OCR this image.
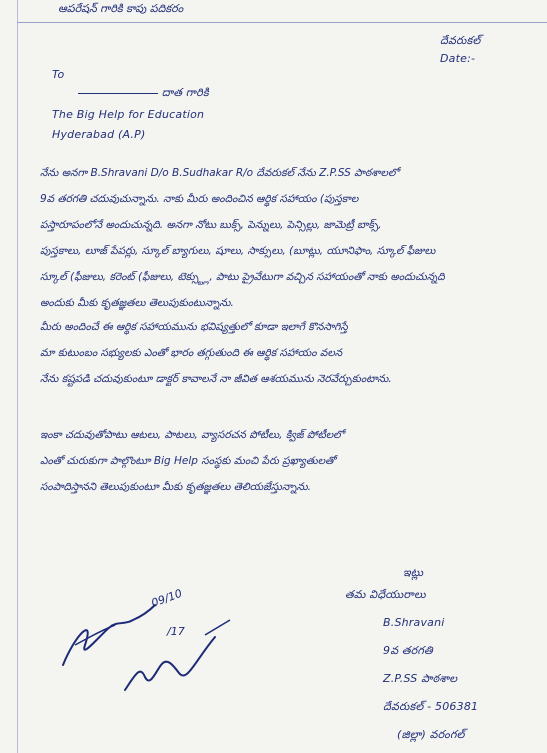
ఆపరేషన్ గారికి కాపు పదికరం
దేవరుకల్
Date:-
To
దాత గారికి
The Big Help for Education
Hyderabad (A.P)
నేను అనగా B.Shravani D/o B.Sudhakar R/o దేవరుకల్ నేను Z.P.SS పాఠశాలలో
9వ తరగతి చదువుచున్నాను. నాకు మీరు అందించిన ఆర్థిక సహాయం (పుస్తకాల
పస్తారూపంలోనే అందుచున్నది. అనగా నోటు బుక్స్, పెన్నులు, పెన్సిల్లు, జామెట్రీ బాక్స్,
పుస్తకాలు, లూజ్ పేపర్లు, స్కూల్ బ్యాగులు, షూలు, సాక్సులు, (బూట్లు, యూనిఫాం, స్కూల్ ఫీజులు
స్కూల్ (ఫీజులు, కరెంట్ (ఫీజులు, టెక్స్ట్లు, పాటు ప్రైవేటుగా వచ్చిన సహాయంతో నాకు అందుచున్నది
అందుకు మీకు కృతజ్ఞతలు తెలుపుకుంటున్నాను.
మీరు అందించే ఈ ఆర్థిక సహాయమును భవిష్యత్తులో కూడా ఇలాగే కొనసాగిస్తే
మా కుటుంబం సభ్యులకు ఎంతో భారం తగ్గుతుంది ఈ ఆర్థిక సహాయం వలన
నేను కష్టపడి చదువుకుంటూ డాక్టర్ కావాలనే నా జీవిత ఆశయమును నెరవేర్చుకుంటాను.
ఇంకా చదువుతోపాటు ఆటలు, పాటలు, వ్యాసరచన పోటీలు, క్విజ్ పోటీలలో
ఎంతో చురుకుగా పాల్గొంటూ Big Help సంస్థకు మంచి పేరు ప్రఖ్యాతులతో
సంపాదిస్తానని తెలుపుకుంటూ మీకు కృతజ్ఞతలు తెలియజేస్తున్నాను.
ఇట్లు
తమ విధేయురాలు
B.Shravani
9వ తరగతి
Z.P.SS పాఠశాల
దేవరుకల్ - 506381
(జిల్లా) వరంగల్
09/10
/17
